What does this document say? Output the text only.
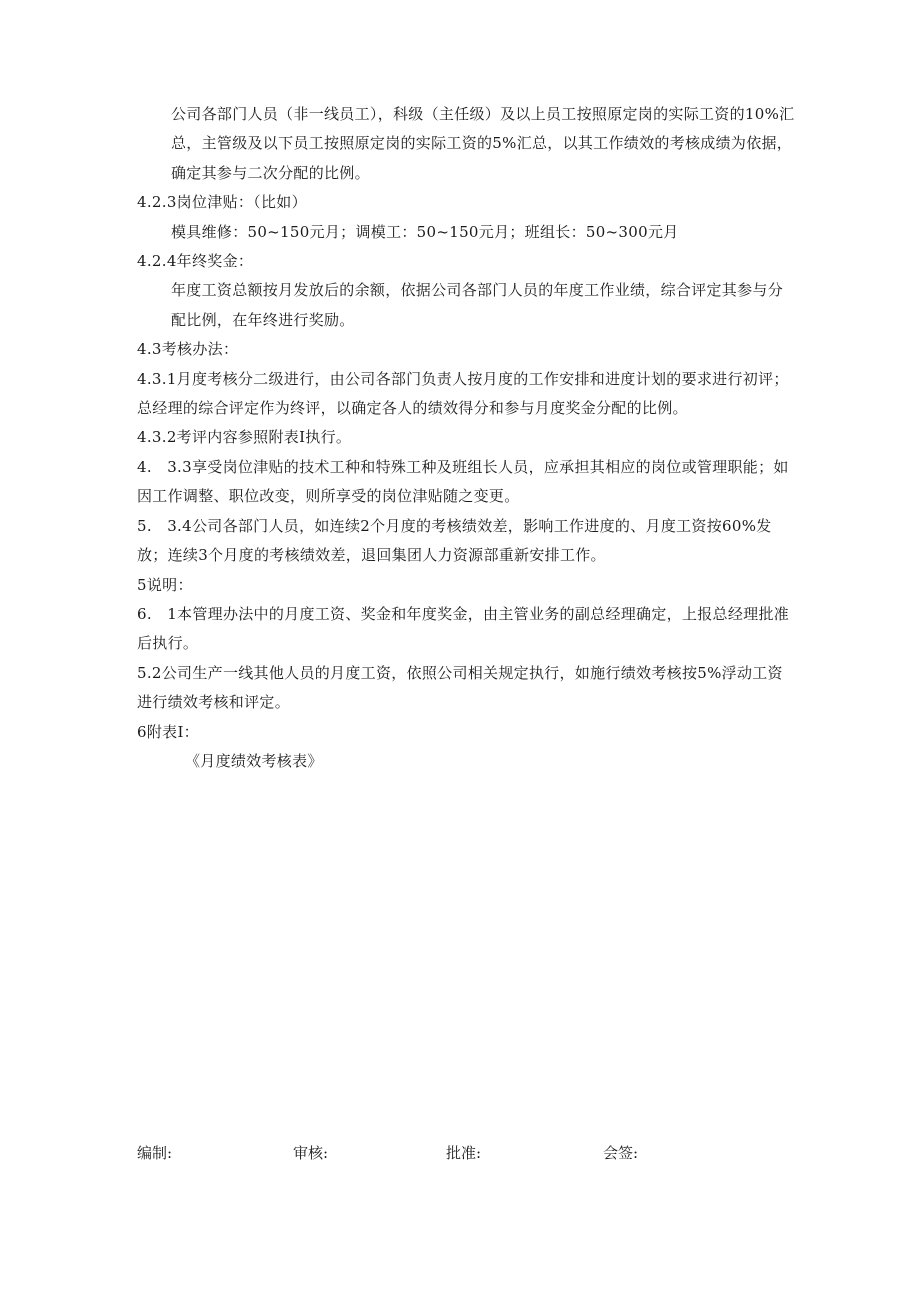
公司各部门人员（非一线员工），科级（主任级）及以上员工按照原定岗的实际工资的10%汇总，主管级及以下员工按照原定岗的实际工资的5%汇总，以其工作绩效的考核成绩为依据，确定其参与二次分配的比例。

4.2.3岗位津贴：（比如）

模具维修：50~150元月；调模工：50~150元月；班组长：50~300元月

4.2.4年终奖金：

年度工资总额按月发放后的余额，依据公司各部门人员的年度工作业绩，综合评定其参与分配比例，在年终进行奖励。

4.3考核办法：

4.3.1月度考核分二级进行，由公司各部门负责人按月度的工作安排和进度计划的要求进行初评；总经理的综合评定作为终评，以确定各人的绩效得分和参与月度奖金分配的比例。

4.3.2考评内容参照附表Ⅰ执行。

4.　3.3享受岗位津贴的技术工种和特殊工种及班组长人员，应承担其相应的岗位或管理职能；如因工作调整、职位改变，则所享受的岗位津贴随之变更。

5.　3.4公司各部门人员，如连续2个月度的考核绩效差，影响工作进度的、月度工资按60%发放；连续3个月度的考核绩效差，退回集团人力资源部重新安排工作。

5说明：

6.　1本管理办法中的月度工资、奖金和年度奖金，由主管业务的副总经理确定，上报总经理批准后执行。

5.2公司生产一线其他人员的月度工资，依照公司相关规定执行，如施行绩效考核按5%浮动工资进行绩效考核和评定。

6附表Ⅰ：

《月度绩效考核表》

编制:	审核:	批准:	会签:
